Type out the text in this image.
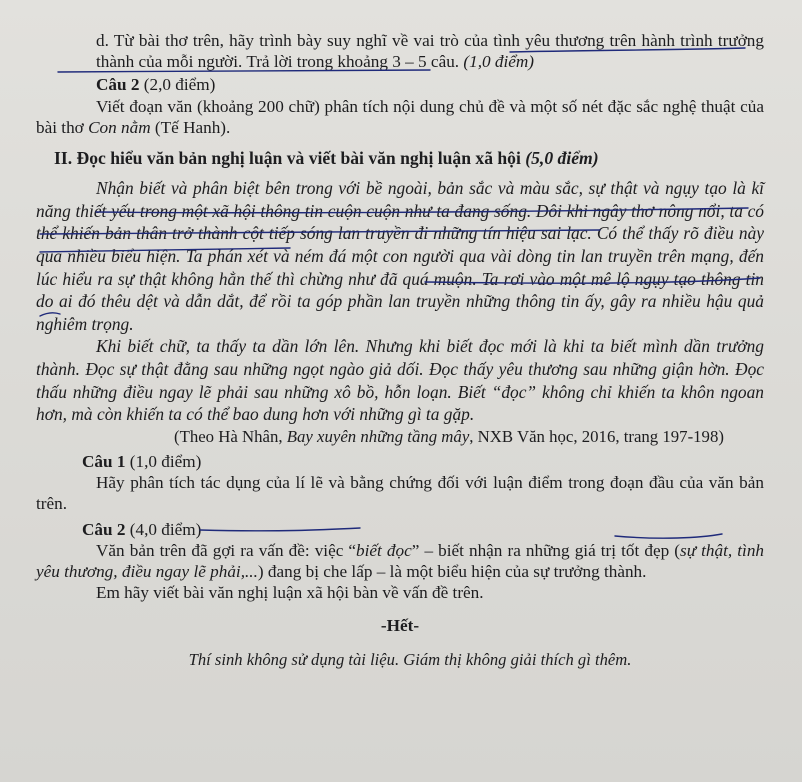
d. Từ bài thơ trên, hãy trình bày suy nghĩ về vai trò của tình yêu thương trên hành trình trưởng thành của mỗi người. Trả lời trong khoảng 3 – 5 câu. (1,0 điểm)

Câu 2 (2,0 điểm)

Viết đoạn văn (khoảng 200 chữ) phân tích nội dung chủ đề và một số nét đặc sắc nghệ thuật của bài thơ Con nằm (Tế Hanh).

II. Đọc hiểu văn bản nghị luận và viết bài văn nghị luận xã hội (5,0 điểm)

Nhận biết và phân biệt bên trong với bề ngoài, bản sắc và màu sắc, sự thật và ngụy tạo là kĩ năng thiết yếu trong một xã hội thông tin cuộn cuộn như ta đang sống. Đôi khi ngây thơ nông nổi, ta có thể khiến bản thân trở thành cột tiếp sóng lan truyền đi những tín hiệu sai lạc. Có thể thấy rõ điều này qua nhiều biểu hiện. Ta phán xét và ném đá một con người qua vài dòng tin lan truyền trên mạng, đến lúc hiểu ra sự thật không hẳn thế thì chừng như đã quá muộn. Ta rơi vào một mê lộ ngụy tạo thông tin do ai đó thêu dệt và dẫn dắt, để rồi ta góp phần lan truyền những thông tin ấy, gây ra nhiều hậu quả nghiêm trọng.

Khi biết chữ, ta thấy ta dần lớn lên. Nhưng khi biết đọc mới là khi ta biết mình dần trưởng thành. Đọc sự thật đằng sau những ngọt ngào giả dối. Đọc thấy yêu thương sau những giận hờn. Đọc thấu những điều ngay lẽ phải sau những xô bồ, hỗn loạn. Biết “đọc” không chỉ khiến ta khôn ngoan hơn, mà còn khiến ta có thể bao dung hơn với những gì ta gặp.

(Theo Hà Nhân, Bay xuyên những tầng mây, NXB Văn học, 2016, trang 197-198)

Câu 1 (1,0 điểm)

Hãy phân tích tác dụng của lí lẽ và bằng chứng đối với luận điểm trong đoạn đầu của văn bản trên.

Câu 2 (4,0 điểm)

Văn bản trên đã gợi ra vấn đề: việc “biết đọc” – biết nhận ra những giá trị tốt đẹp (sự thật, tình yêu thương, điều ngay lẽ phải,...) đang bị che lấp – là một biểu hiện của sự trưởng thành.

Em hãy viết bài văn nghị luận xã hội bàn về vấn đề trên.

-Hết-

Thí sinh không sử dụng tài liệu. Giám thị không giải thích gì thêm.
